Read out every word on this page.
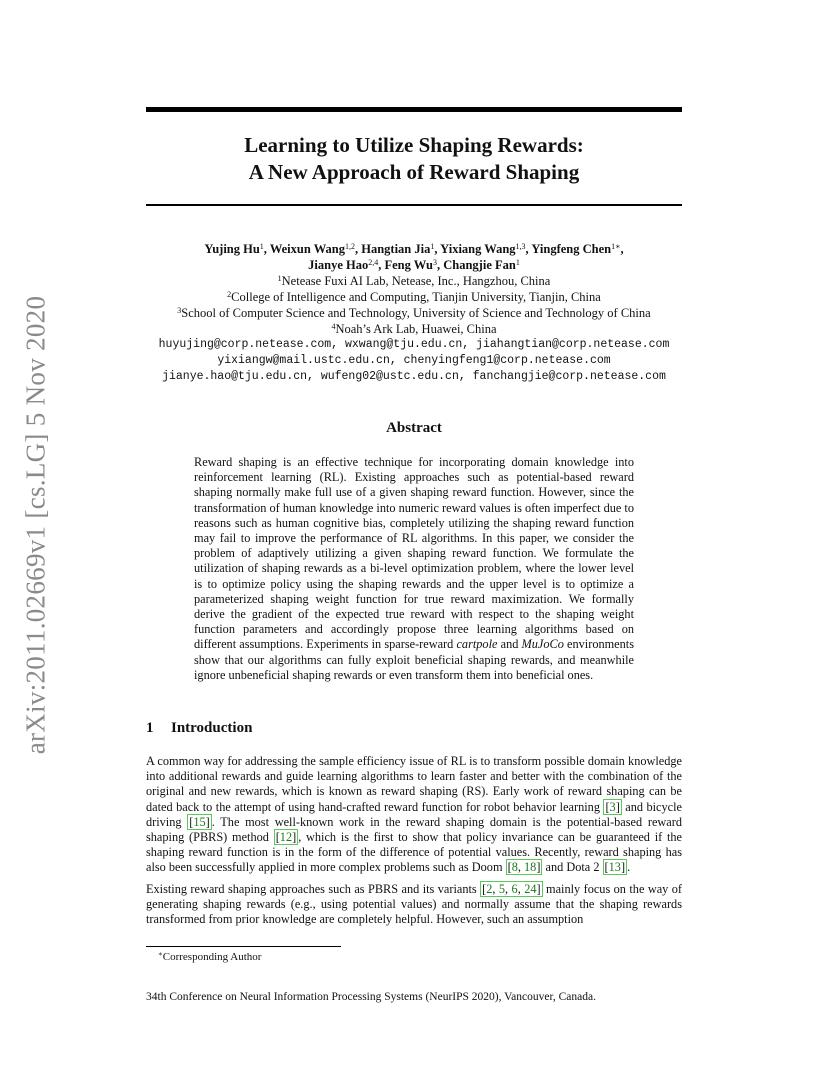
arXiv:2011.02669v1 [cs.LG] 5 Nov 2020
Learning to Utilize Shaping Rewards:
A New Approach of Reward Shaping
Yujing Hu$^1$, Weixun Wang$^{1,2}$, Hangtian Jia$^1$, Yixiang Wang$^{1,3}$, Yingfeng Chen$^{1∗}$,
Jianye Hao$^{2,4}$, Feng Wu$^3$, Changjie Fan$^1$
$^1$Netease Fuxi AI Lab, Netease, Inc., Hangzhou, China
$^2$College of Intelligence and Computing, Tianjin University, Tianjin, China
$^3$School of Computer Science and Technology, University of Science and Technology of China
$^4$Noah’s Ark Lab, Huawei, China
huyujing@corp.netease.com, wxwang@tju.edu.cn, jiahangtian@corp.netease.com
yixiangw@mail.ustc.edu.cn, chenyingfeng1@corp.netease.com
jianye.hao@tju.edu.cn, wufeng02@ustc.edu.cn, fanchangjie@corp.netease.com
Abstract
Reward shaping is an effective technique for incorporating domain knowledge into reinforcement learning (RL). Existing approaches such as potential-based reward shaping normally make full use of a given shaping reward function. However, since the transformation of human knowledge into numeric reward values is often imperfect due to reasons such as human cognitive bias, completely utilizing the shaping reward function may fail to improve the performance of RL algorithms. In this paper, we consider the problem of adaptively utilizing a given shaping reward function. We formulate the utilization of shaping rewards as a bi-level optimization problem, where the lower level is to optimize policy using the shaping rewards and the upper level is to optimize a parameterized shaping weight function for true reward maximization. We formally derive the gradient of the expected true reward with respect to the shaping weight function parameters and accordingly propose three learning algorithms based on different assumptions. Experiments in sparse-reward cartpole and MuJoCo environments show that our algorithms can fully exploit beneficial shaping rewards, and meanwhile ignore unbeneficial shaping rewards or even transform them into beneficial ones.
1 Introduction

A common way for addressing the sample efficiency issue of RL is to transform possible domain knowledge into additional rewards and guide learning algorithms to learn faster and better with the combination of the original and new rewards, which is known as reward shaping (RS). Early work of reward shaping can be dated back to the attempt of using hand-crafted reward function for robot behavior learning [3] and bicycle driving [15] . The most well-known work in the reward shaping domain is the potential-based reward shaping (PBRS) method [12] , which is the first to show that policy invariance can be guaranteed if the shaping reward function is in the form of the difference of potential values. Recently, reward shaping has also been successfully applied in more complex problems such as Doom [8, 18] and Dota 2 [13] .

Existing reward shaping approaches such as PBRS and its variants [2, 5, 6, 24] mainly focus on the way of generating shaping rewards (e.g., using potential values) and normally assume that the shaping rewards transformed from prior knowledge are completely helpful. However, such an assumption

∗Corresponding Author
34th Conference on Neural Information Processing Systems (NeurIPS 2020), Vancouver, Canada.
